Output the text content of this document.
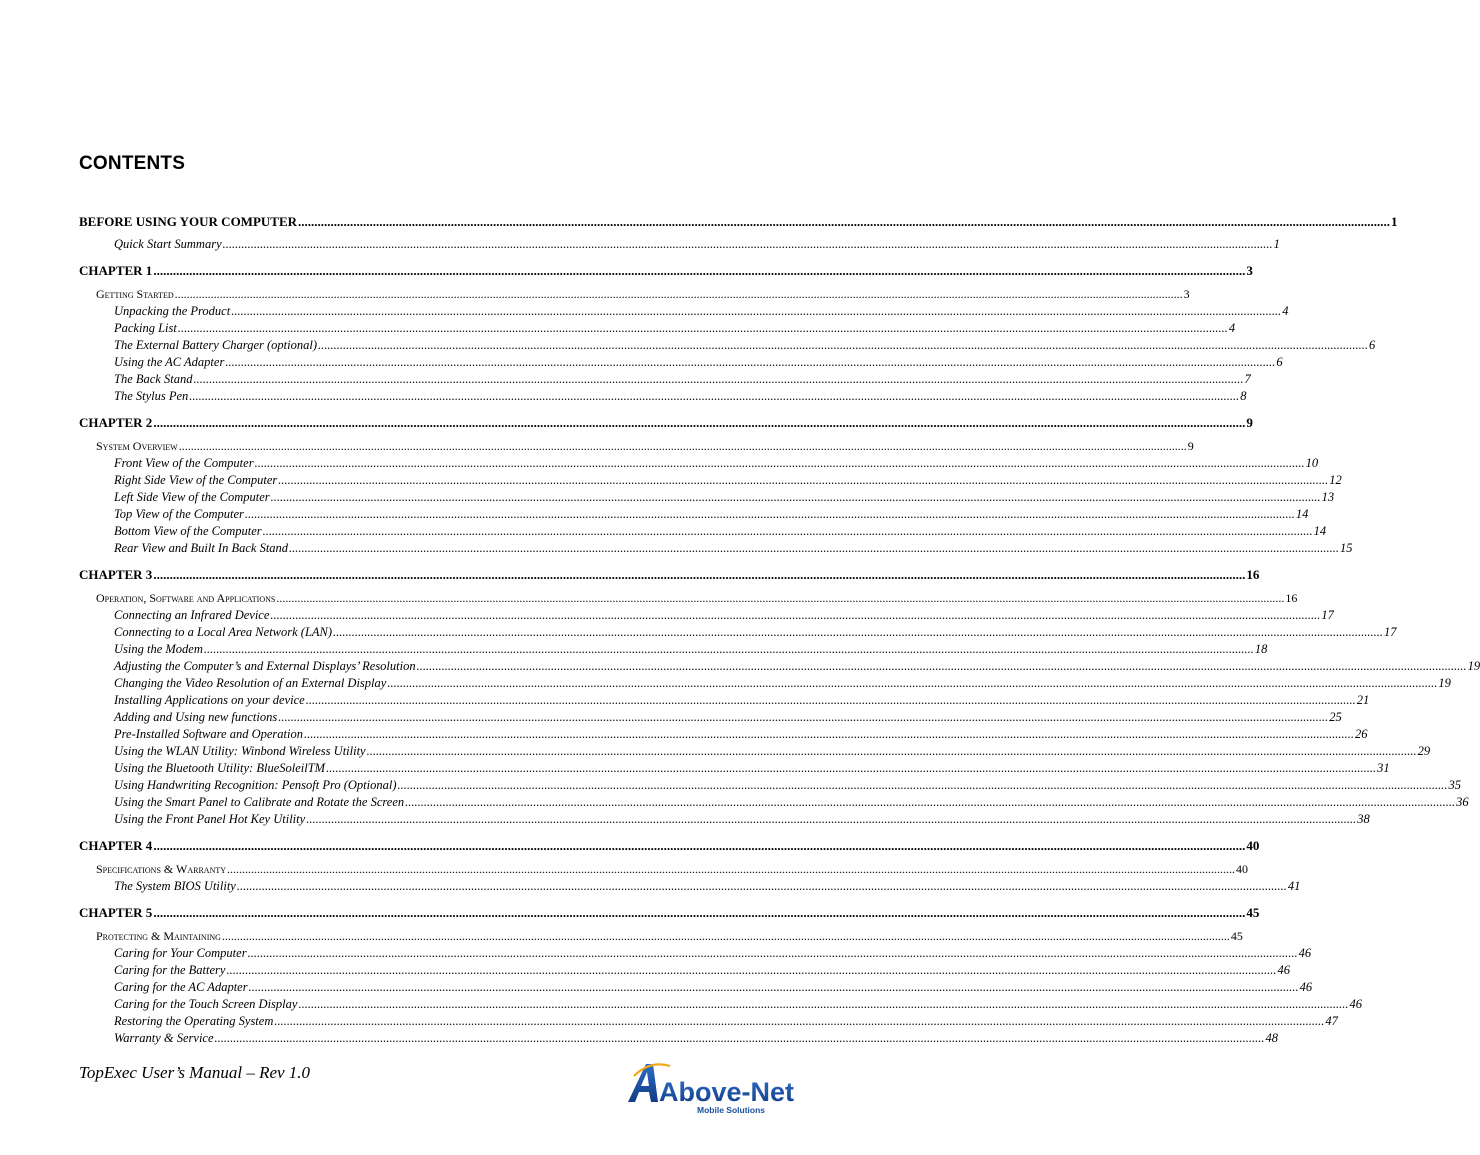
CONTENTS
BEFORE USING YOUR COMPUTER .....	1
Quick Start Summary .....	1
CHAPTER 1 .....	3
Getting Started .....	3
Unpacking the Product .....	4
Packing List .....	4
The External Battery Charger (optional) .....	6
Using the AC Adapter .....	6
The Back Stand .....	7
The Stylus Pen .....	8
CHAPTER 2 .....	9
System Overview .....	9
Front View of the Computer .....	10
Right Side View of the Computer .....	12
Left Side View of the Computer .....	13
Top View of the Computer .....	14
Bottom View of the Computer .....	14
Rear View and Built In Back Stand .....	15
CHAPTER 3 .....	16
Operation, Software and Applications .....	16
Connecting an Infrared Device .....	17
Connecting to a Local Area Network (LAN) .....	17
Using the Modem .....	18
Adjusting the Computer’s and External Displays’ Resolution .....	19
Changing the Video Resolution of an External Display .....	19
Installing Applications on your device .....	21
Adding and Using new functions .....	25
Pre-Installed Software and Operation .....	26
Using the WLAN Utility: Winbond Wireless Utility .....	29
Using the Bluetooth Utility: BlueSoleilTM .....	31
Using Handwriting Recognition: Pensoft Pro (Optional) .....	35
Using the Smart Panel to Calibrate and Rotate the Screen .....	36
Using the Front Panel Hot Key Utility .....	38
CHAPTER 4 .....	40
Specifications & Warranty .....	40
The System BIOS Utility .....	41
CHAPTER 5 .....	45
Protecting & Maintaining .....	45
Caring for Your Computer .....	46
Caring for the Battery .....	46
Caring for the AC Adapter .....	46
Caring for the Touch Screen Display .....	46
Restoring the Operating System .....	47
Warranty & Service .....	48
TopExec User’s Manual – Rev 1.0
Above-Net
Mobile Solutions
